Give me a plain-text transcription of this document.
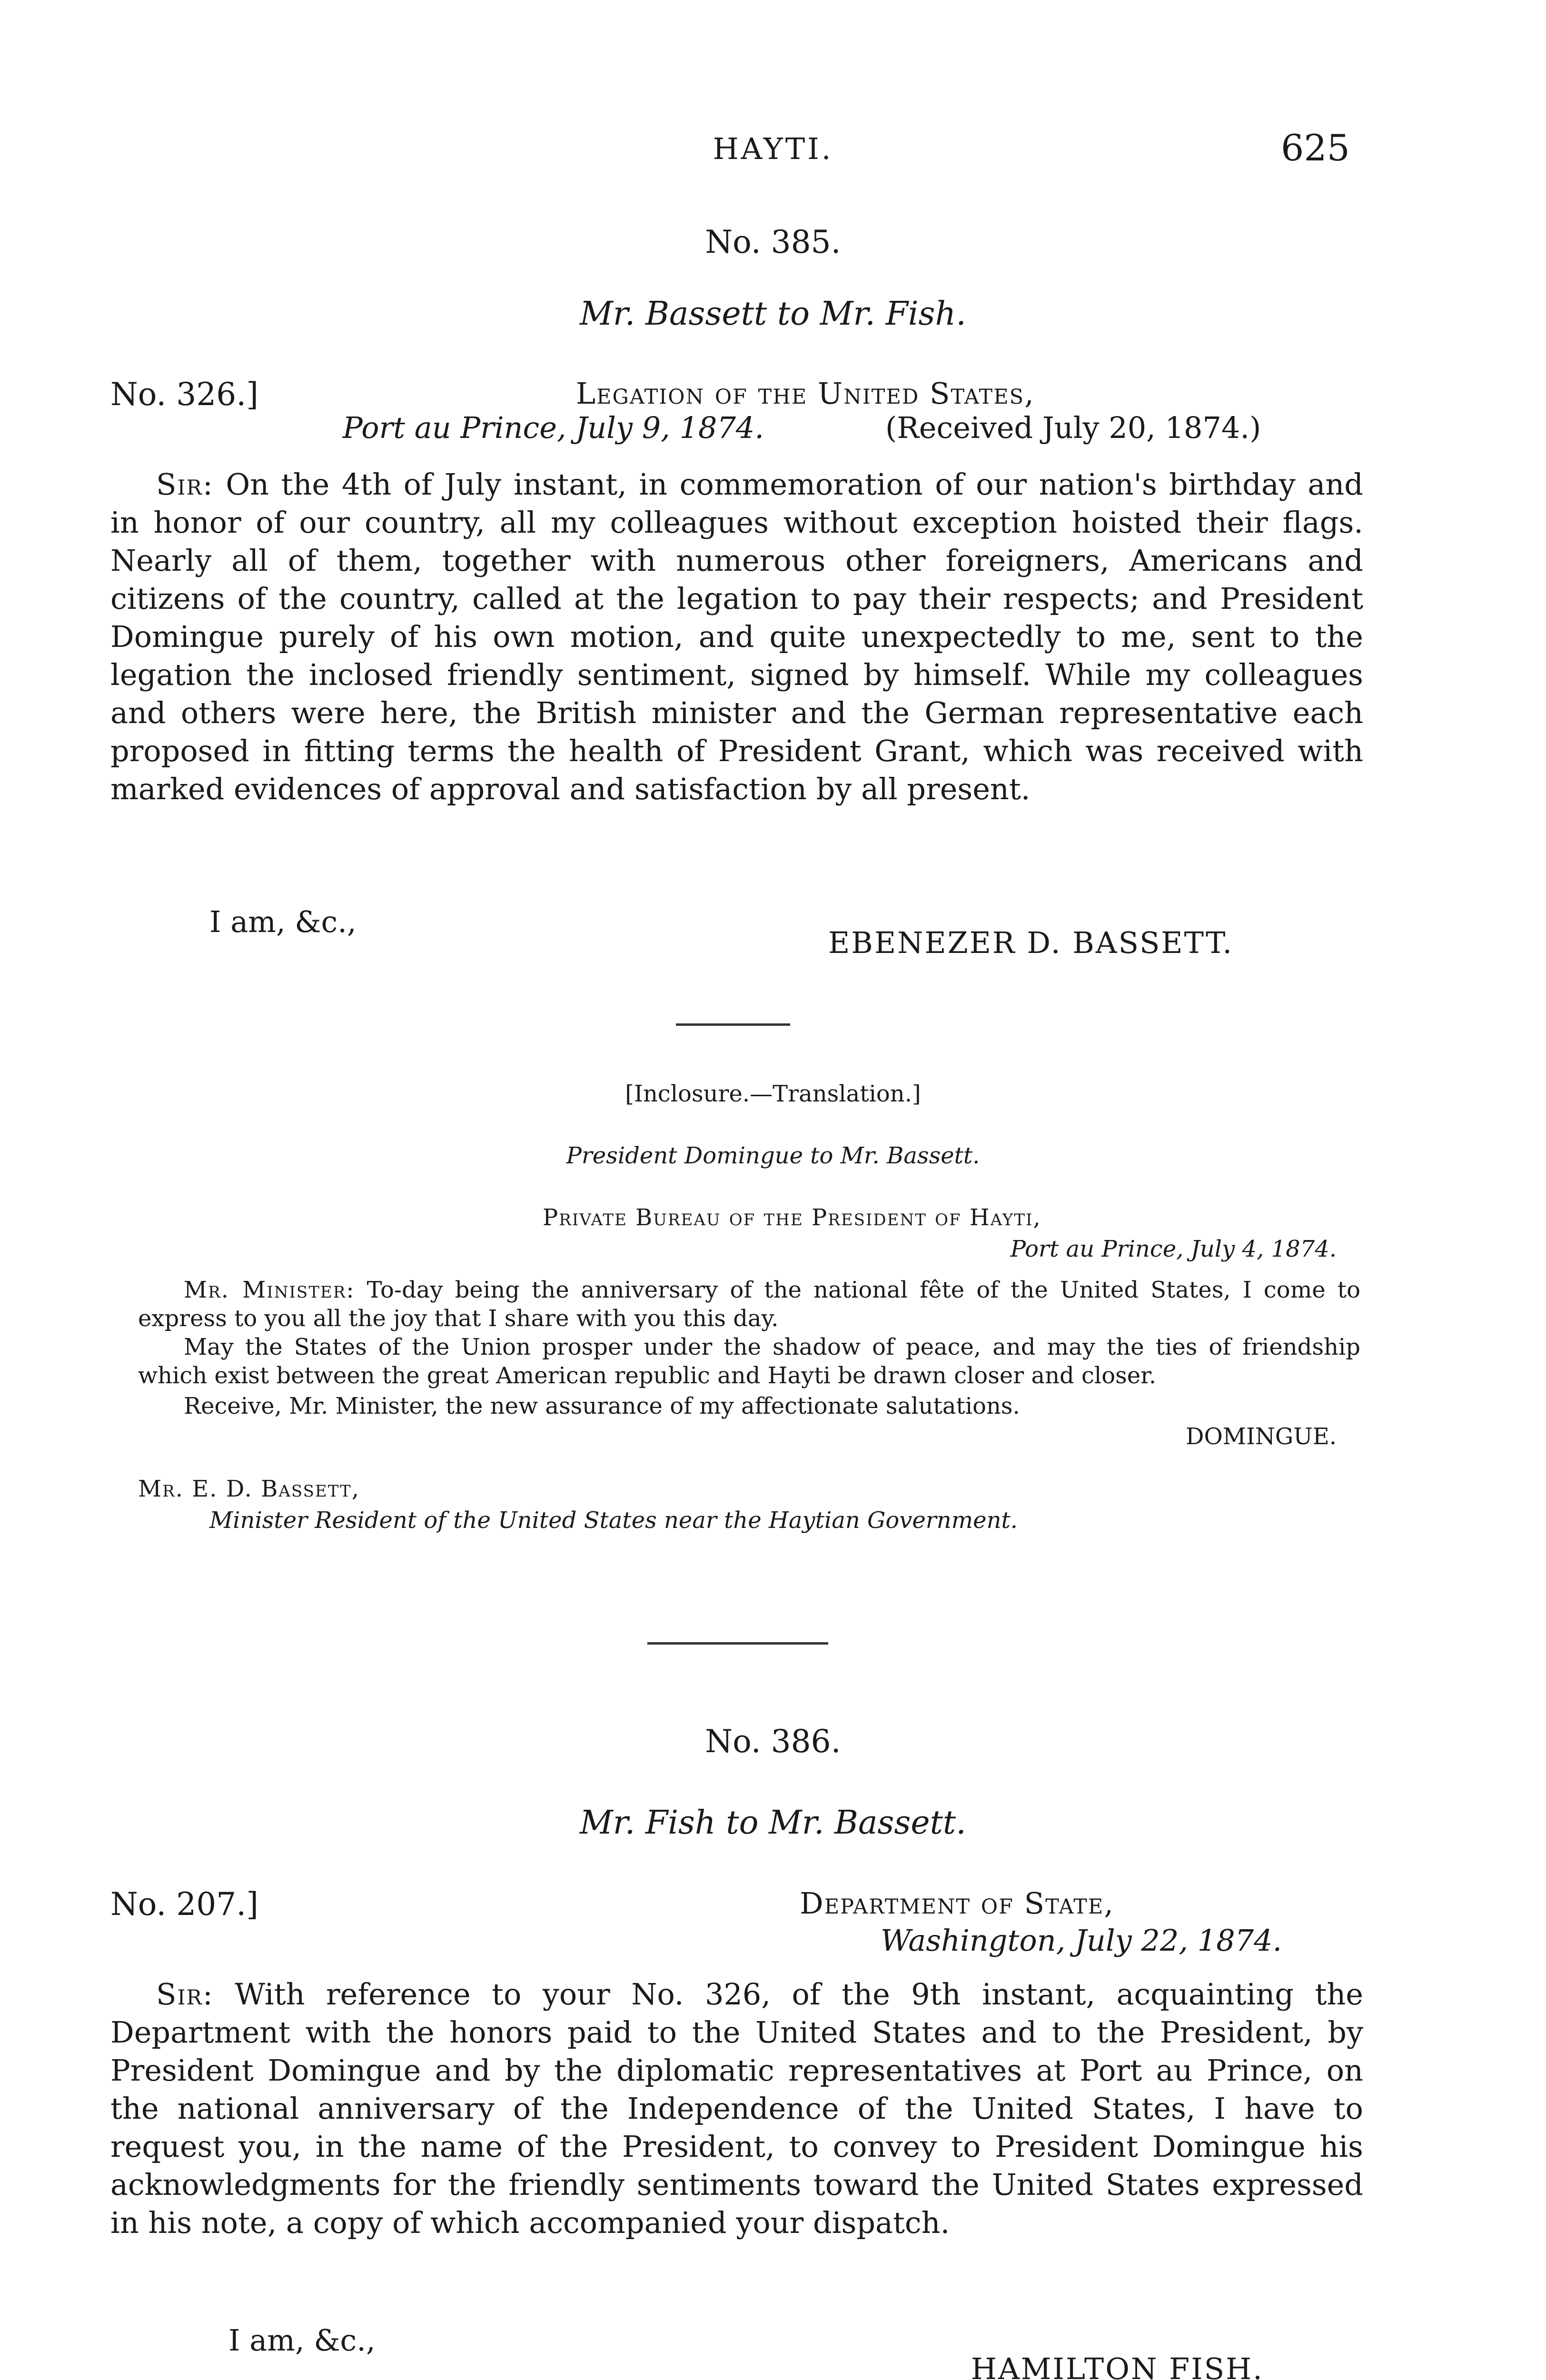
HAYTI.	625
No. 385.
Mr. Bassett to Mr. Fish.
No. 326.]	Legation of the United States,
Port au Prince, July 9, 1874.	(Received July 20, 1874.)
Sir: On the 4th of July instant, in commemoration of our nation's birthday and in honor of our country, all my colleagues without exception hoisted their flags. Nearly all of them, together with numerous other foreigners, Americans and citizens of the country, called at the legation to pay their respects; and President Domingue purely of his own motion, and quite unexpectedly to me, sent to the legation the inclosed friendly sentiment, signed by himself. While my colleagues and others were here, the British minister and the German representative each proposed in fitting terms the health of President Grant, which was received with marked evidences of approval and satisfaction by all present.
I am, &c.,
EBENEZER D. BASSETT.
[Inclosure.—Translation.]
President Domingue to Mr. Bassett.
Private Bureau of the President of Hayti,
Port au Prince, July 4, 1874.
Mr. Minister: To-day being the anniversary of the national fête of the United States, I come to express to you all the joy that I share with you this day.
May the States of the Union prosper under the shadow of peace, and may the ties of friendship which exist between the great American republic and Hayti be drawn closer and closer.
Receive, Mr. Minister, the new assurance of my affectionate salutations.
DOMINGUE.
Mr. E. D. Bassett,
Minister Resident of the United States near the Haytian Government.
No. 386.
Mr. Fish to Mr. Bassett.
No. 207.]	Department of State,
Washington, July 22, 1874.
Sir: With reference to your No. 326, of the 9th instant, acquainting the Department with the honors paid to the United States and to the President, by President Domingue and by the diplomatic representatives at Port au Prince, on the national anniversary of the Independence of the United States, I have to request you, in the name of the President, to convey to President Domingue his acknowledgments for the friendly sentiments toward the United States expressed in his note, a copy of which accompanied your dispatch.
I am, &c.,
HAMILTON FISH.
